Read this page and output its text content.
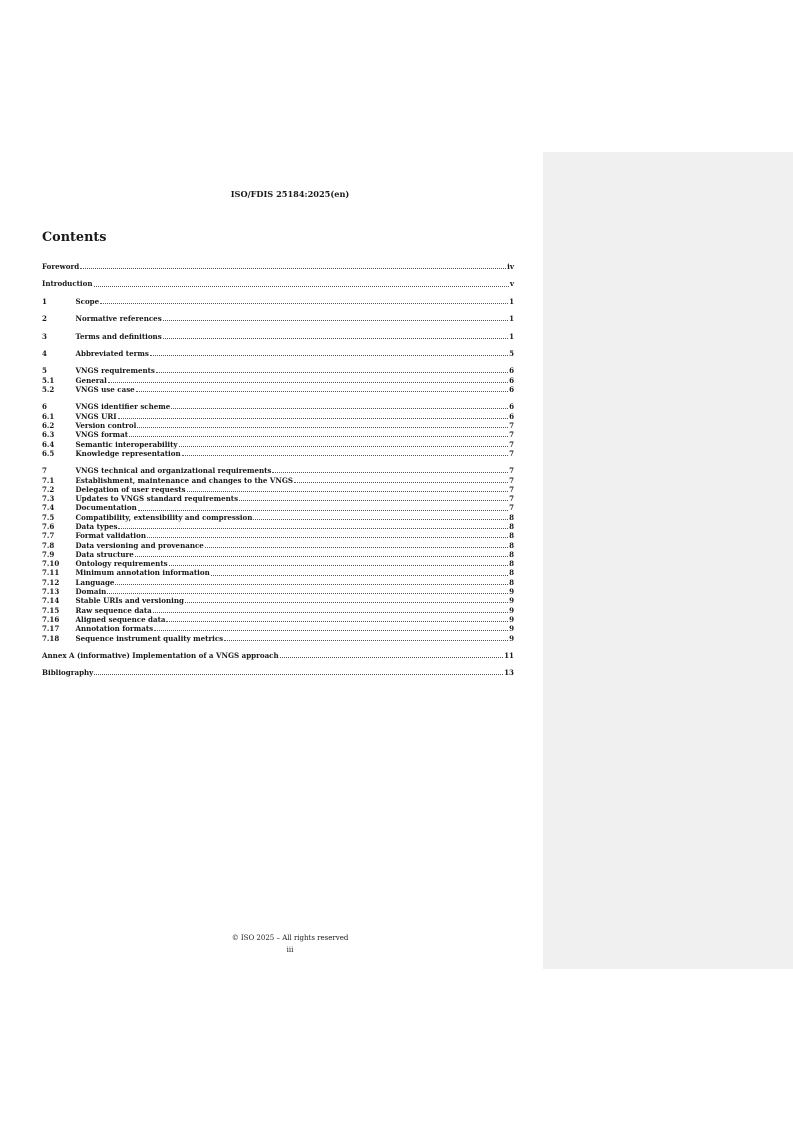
ISO/FDIS 25184:2025(en)
Contents
Foreword	iv
Introduction	v
1	Scope	1
2	Normative references	1
3	Terms and definitions	1
4	Abbreviated terms	5
5	VNGS requirements	6
5.1	General	6
5.2	VNGS use case	6
6	VNGS identifier scheme	6
6.1	VNGS URI	6
6.2	Version control	7
6.3	VNGS format	7
6.4	Semantic interoperability	7
6.5	Knowledge representation	7
7	VNGS technical and organizational requirements	7
7.1	Establishment, maintenance and changes to the VNGS	7
7.2	Delegation of user requests	7
7.3	Updates to VNGS standard requirements	7
7.4	Documentation	7
7.5	Compatibility, extensibility and compression	8
7.6	Data types	8
7.7	Format validation	8
7.8	Data versioning and provenance	8
7.9	Data structure	8
7.10	Ontology requirements	8
7.11	Minimum annotation information	8
7.12	Language	8
7.13	Domain	9
7.14	Stable URIs and versioning	9
7.15	Raw sequence data	9
7.16	Aligned sequence data	9
7.17	Annotation formats	9
7.18	Sequence instrument quality metrics	9
Annex A (informative) Implementation of a VNGS approach	11
Bibliography	13
© ISO 2025 – All rights reserved
iii
